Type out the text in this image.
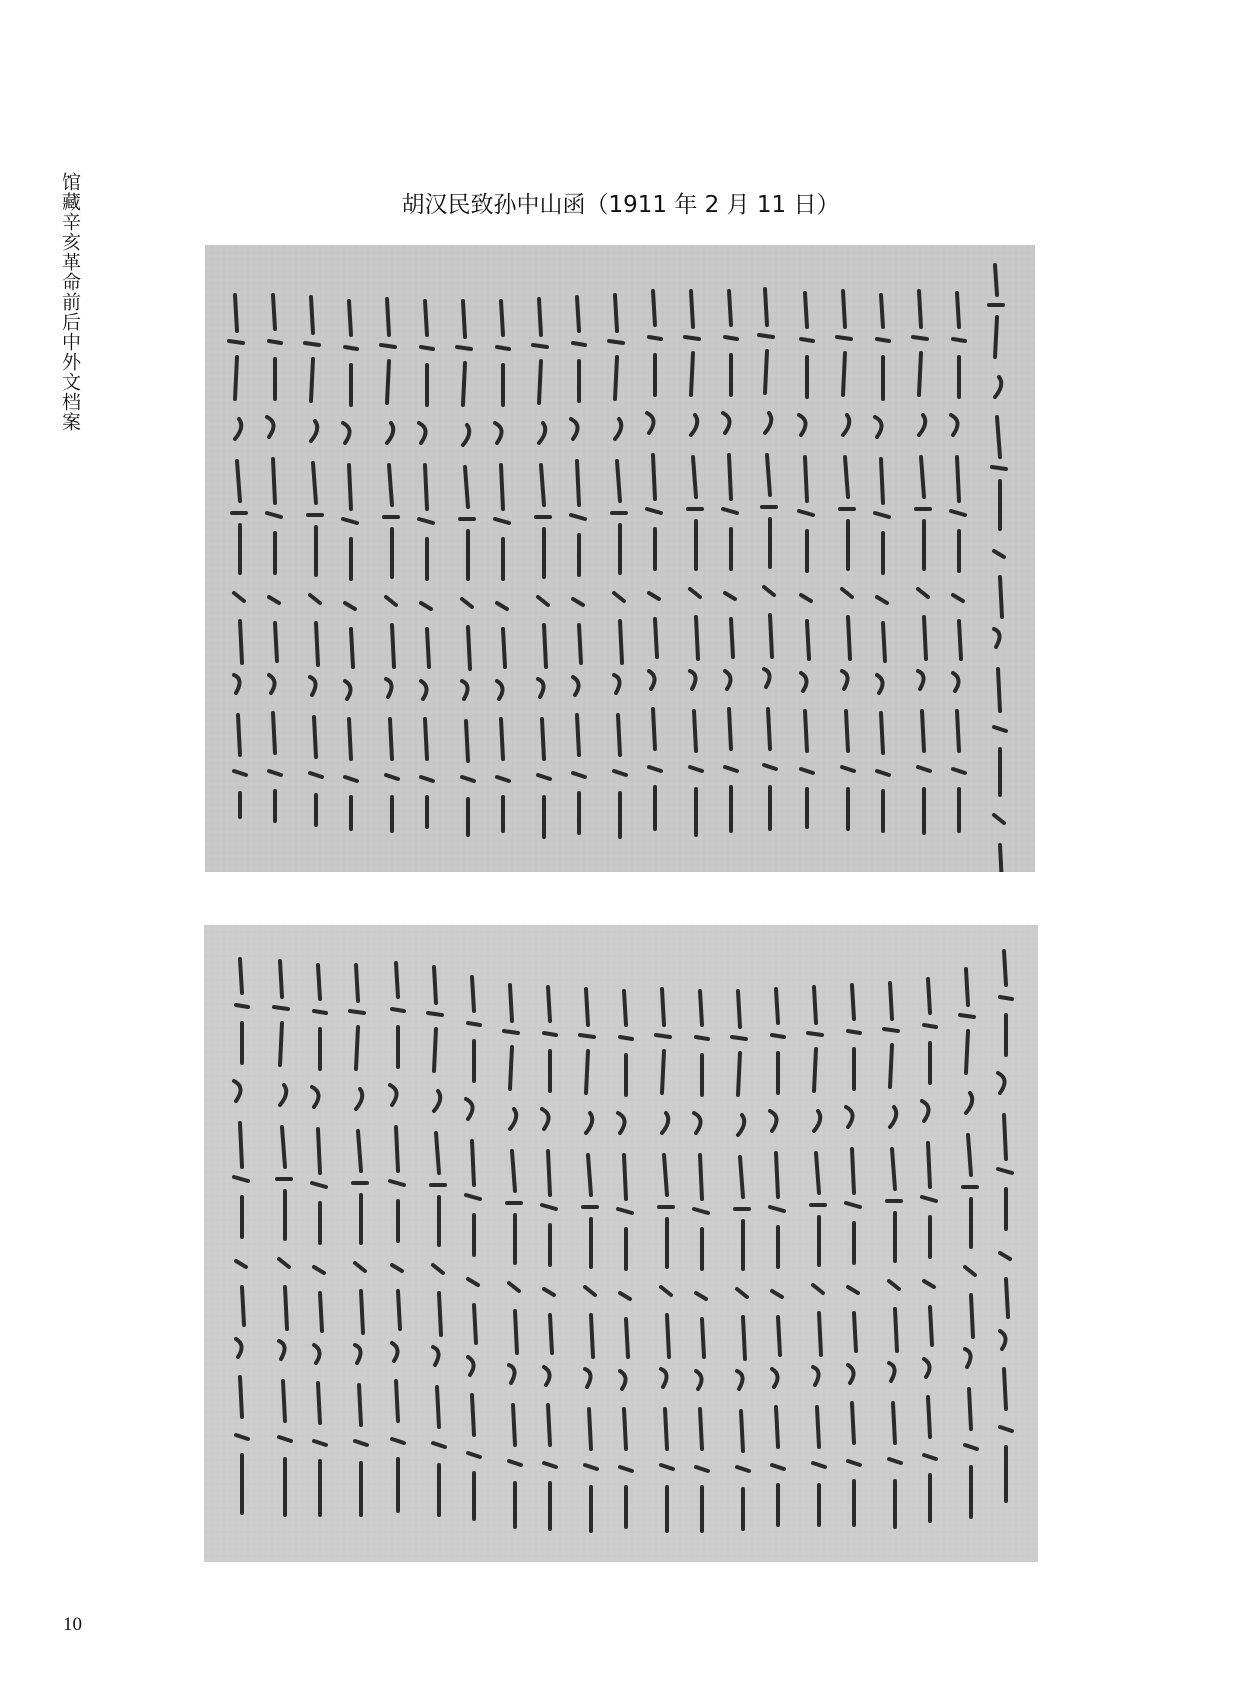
馆藏辛亥革命前后中外文档案	胡汉民致孙中山函（1911 年 2 月 11 日）
10
